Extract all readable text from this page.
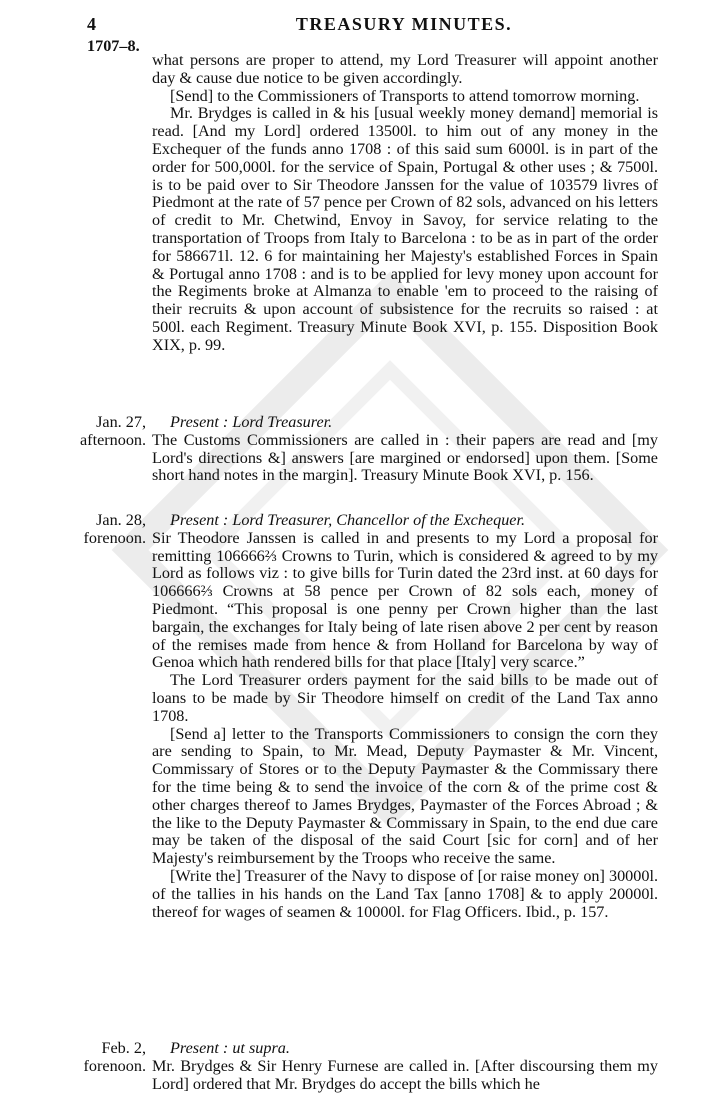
4	TREASURY MINUTES.
1707–8.

what persons are proper to attend, my Lord Treasurer will appoint another day & cause due notice to be given accordingly.

[Send] to the Commissioners of Transports to attend tomorrow morning.

Mr. Brydges is called in & his [usual weekly money demand] memorial is read. [And my Lord] ordered 13500l. to him out of any money in the Exchequer of the funds anno 1708 : of this said sum 6000l. is in part of the order for 500,000l. for the service of Spain, Portugal & other uses ; & 7500l. is to be paid over to Sir Theodore Janssen for the value of 103579 livres of Piedmont at the rate of 57 pence per Crown of 82 sols, advanced on his letters of credit to Mr. Chetwind, Envoy in Savoy, for service relating to the transportation of Troops from Italy to Barcelona : to be as in part of the order for 586671l. 12. 6 for maintaining her Majesty's established Forces in Spain & Portugal anno 1708 : and is to be applied for levy money upon account for the Regiments broke at Almanza to enable 'em to proceed to the raising of their recruits & upon account of subsistence for the recruits so raised : at 500l. each Regiment. Treasury Minute Book XVI, p. 155. Disposition Book XIX, p. 99.

Jan. 27,
afternoon.

Present : Lord Treasurer.

The Customs Commissioners are called in : their papers are read and [my Lord's directions &] answers [are margined or endorsed] upon them. [Some short hand notes in the margin]. Treasury Minute Book XVI, p. 156.

Jan. 28,
forenoon.

Present : Lord Treasurer, Chancellor of the Exchequer.

Sir Theodore Janssen is called in and presents to my Lord a proposal for remitting 106666⅔ Crowns to Turin, which is considered & agreed to by my Lord as follows viz : to give bills for Turin dated the 23rd inst. at 60 days for 106666⅔ Crowns at 58 pence per Crown of 82 sols each, money of Piedmont. “This proposal is one penny per Crown higher than the last bargain, the exchanges for Italy being of late risen above 2 per cent by reason of the remises made from hence & from Holland for Barcelona by way of Genoa which hath rendered bills for that place [Italy] very scarce.”

The Lord Treasurer orders payment for the said bills to be made out of loans to be made by Sir Theodore himself on credit of the Land Tax anno 1708.

[Send a] letter to the Transports Commissioners to consign the corn they are sending to Spain, to Mr. Mead, Deputy Paymaster & Mr. Vincent, Commissary of Stores or to the Deputy Paymaster & the Commissary there for the time being & to send the invoice of the corn & of the prime cost & other charges thereof to James Brydges, Paymaster of the Forces Abroad ; & the like to the Deputy Paymaster & Commissary in Spain, to the end due care may be taken of the disposal of the said Court [sic for corn] and of her Majesty's reimbursement by the Troops who receive the same.

[Write the] Treasurer of the Navy to dispose of [or raise money on] 30000l. of the tallies in his hands on the Land Tax [anno 1708] & to apply 20000l. thereof for wages of seamen & 10000l. for Flag Officers. Ibid., p. 157.

Feb. 2,
forenoon.

Present : ut supra.

Mr. Brydges & Sir Henry Furnese are called in. [After discoursing them my Lord] ordered that Mr. Brydges do accept the bills which he
